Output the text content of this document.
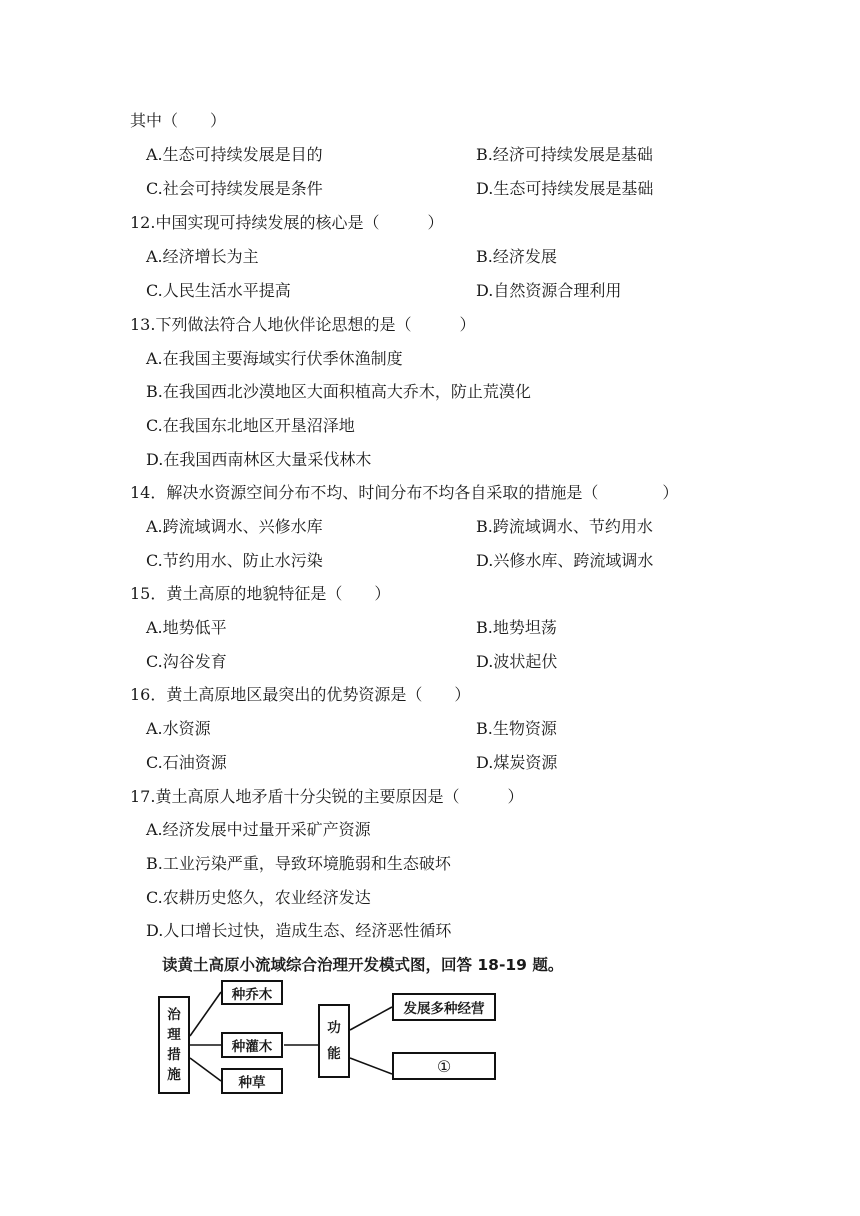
其中（　　）
A.生态可持续发展是目的	B.经济可持续发展是基础
C.社会可持续发展是条件	D.生态可持续发展是基础
12.中国实现可持续发展的核心是（　　　）
A.经济增长为主	B.经济发展
C.人民生活水平提高	D.自然资源合理利用
13.下列做法符合人地伙伴论思想的是（　　　）
A.在我国主要海域实行伏季休渔制度
B.在我国西北沙漠地区大面积植高大乔木，防止荒漠化
C.在我国东北地区开垦沼泽地
D.在我国西南林区大量采伐林木
14．解决水资源空间分布不均、时间分布不均各自采取的措施是（　　　　）
A.跨流域调水、兴修水库	B.跨流域调水、节约用水
C.节约用水、防止水污染	D.兴修水库、跨流域调水
15．黄土高原的地貌特征是（　　）
A.地势低平	B.地势坦荡
C.沟谷发育	D.波状起伏
16．黄土高原地区最突出的优势资源是（　　）
A.水资源	B.生物资源
C.石油资源	D.煤炭资源
17.黄土高原人地矛盾十分尖锐的主要原因是（　　　）
A.经济发展中过量开采矿产资源
B.工业污染严重，导致环境脆弱和生态破坏
C.农耕历史悠久，农业经济发达
D.人口增长过快，造成生态、经济恶性循环
读黄土高原小流域综合治理开发模式图，回答 18-19 题。
治
理
措
施
种乔木
种灌木
种草
功
能
发展多种经营
①
